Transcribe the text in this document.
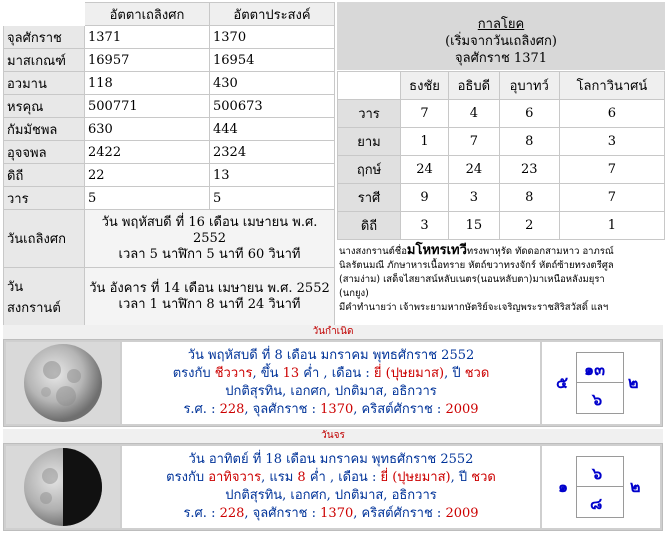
	อัตตาเถลิงศก	อัตตาประสงค์
จุลศักราช	1371	1370
มาสเกณฑ์	16957	16954
อวมาน	118	430
หรคุณ	500771	500673
กัมมัชพล	630	444
อุจจพล	2422	2324
ดิถี	22	13
วาร	5	5
วันเถลิงศก	วัน พฤหัสบดี ที่ 16 เดือน เมษายน พ.ศ. 2552
เวลา 5 นาฬิกา 5 นาที 60 วินาที	

วัน สงกรานต์	วัน อังคาร ที่ 14 เดือน เมษายน พ.ศ. 2552
เวลา 1 นาฬิกา 8 นาที 24 วินาที	
กาลโยค
(เริ่มจากวันเถลิงศก)
จุลศักราช 1371
	ธงชัย	อธิบดี	อุบาทว์	โลกาวินาศน์
วาร	7	4	6	6
ยาม	1	7	8	3
ฤกษ์	24	24	23	7
ราศี	9	3	8	7
ดิถี	3	15	2	1
นางสงกรานต์ชื่อมโหทรเทวีทรงพาหุรัด ทัดดอกสามหาว อาภรณ์
นิลรัตนมณี ภักษาหารเนื้อทราย หัตถ์ขวาทรงจักร์ หัตถ์ซ้ายทรงตรีศูล
(สามง่าม) เสด็จไสยาสน์หลับเนตร(นอนหลับตา)มาเหนือหลังมยุรา
(นกยูง)
มีคำทำนายว่า เจ้าพระยามหากษัตริย์จะเจริญพระราชสิริสวัสดิ์ แลฯ
วันกำเนิด
วัน พฤหัสบดี ที่ 8 เดือน มกราคม พุทธศักราช 2552
ตรงกับ ชีววาร, ขึ้น 13 ค่ำ , เดือน : ยี่ (ปุษยมาส), ปี ชวด
ปกติสุรทิน, เอกศก, ปกติมาส, อธิกวาร
ร.ศ. : 228, จุลศักราช : 1370, คริสต์ศักราช : 2009
๕
๑๓
๒
๖
วันจร
วัน อาทิตย์ ที่ 18 เดือน มกราคม พุทธศักราช 2552
ตรงกับ อาทิจวาร, แรม 8 ค่ำ , เดือน : ยี่ (ปุษยมาส), ปี ชวด
ปกติสุรทิน, เอกศก, ปกติมาส, อธิกวาร
ร.ศ. : 228, จุลศักราช : 1370, คริสต์ศักราช : 2009
๑
๖
๒
๘
